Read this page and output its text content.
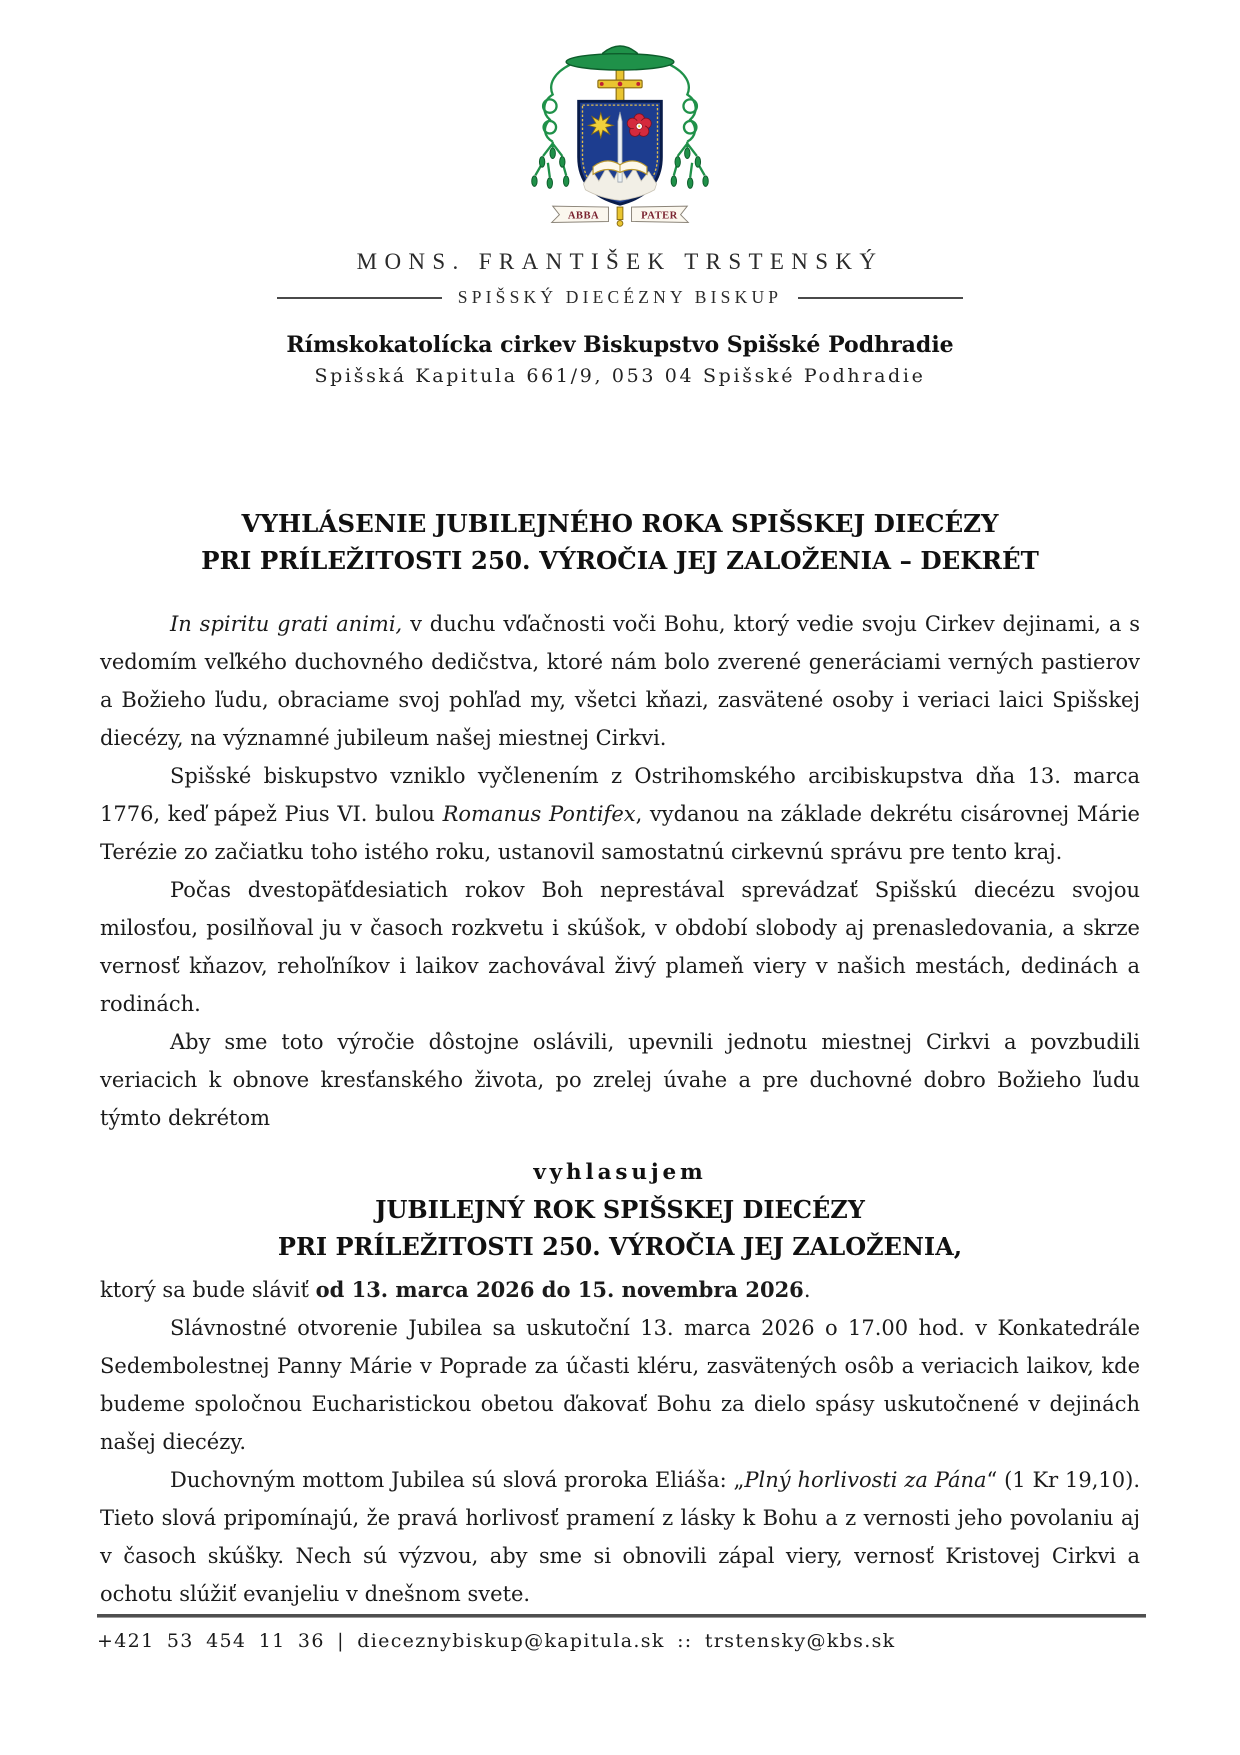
ABBA	PATER
MONS. FRANTIŠEK TRSTENSKÝ
SPIŠSKÝ DIECÉZNY BISKUP
Rímskokatolícka cirkev Biskupstvo Spišské Podhradie
Spišská Kapitula 661/9, 053 04 Spišské Podhradie
VYHLÁSENIE JUBILEJNÉHO ROKA SPIŠSKEJ DIECÉZY
PRI PRÍLEŽITOSTI 250. VÝROČIA JEJ ZALOŽENIA – DEKRÉT

In spiritu grati animi, v duchu vďačnosti voči Bohu, ktorý vedie svoju Cirkev dejinami, a s vedomím veľkého duchovného dedičstva, ktoré nám bolo zverené generáciami verných pastierov a Božieho ľudu, obraciame svoj pohľad my, všetci kňazi, zasvätené osoby i veriaci laici Spišskej diecézy, na významné jubileum našej miestnej Cirkvi.

Spišské biskupstvo vzniklo vyčlenením z Ostrihomského arcibiskupstva dňa 13. marca 1776, keď pápež Pius VI. bulou Romanus Pontifex, vydanou na základe dekrétu cisárovnej Márie Terézie zo začiatku toho istého roku, ustanovil samostatnú cirkevnú správu pre tento kraj.

Počas dvestopäťdesiatich rokov Boh neprestával sprevádzať Spišskú diecézu svojou milosťou, posilňoval ju v časoch rozkvetu i skúšok, v období slobody aj prenasledovania, a skrze vernosť kňazov, rehoľníkov i laikov zachovával živý plameň viery v našich mestách, dedinách a rodinách.

Aby sme toto výročie dôstojne oslávili, upevnili jednotu miestnej Cirkvi a povzbudili veriacich k obnove kresťanského života, po zrelej úvahe a pre duchovné dobro Božieho ľudu týmto dekrétom

vyhlasujem
JUBILEJNÝ ROK SPIŠSKEJ DIECÉZY
PRI PRÍLEŽITOSTI 250. VÝROČIA JEJ ZALOŽENIA,

ktorý sa bude sláviť od 13. marca 2026 do 15. novembra 2026.

Slávnostné otvorenie Jubilea sa uskutoční 13. marca 2026 o 17.00 hod. v Konkatedrále Sedembolestnej Panny Márie v Poprade za účasti kléru, zasvätených osôb a veriacich laikov, kde budeme spoločnou Eucharistickou obetou ďakovať Bohu za dielo spásy uskutočnené v dejinách našej diecézy.

Duchovným mottom Jubilea sú slová proroka Eliáša: „Plný horlivosti za Pána“ (1 Kr 19,10). Tieto slová pripomínajú, že pravá horlivosť pramení z lásky k Bohu a z vernosti jeho povolaniu aj v časoch skúšky. Nech sú výzvou, aby sme si obnovili zápal viery, vernosť Kristovej Cirkvi a ochotu slúžiť evanjeliu v dnešnom svete.

+421 53 454 11 36 | dieceznybiskup@kapitula.sk :: trstensky@kbs.sk
